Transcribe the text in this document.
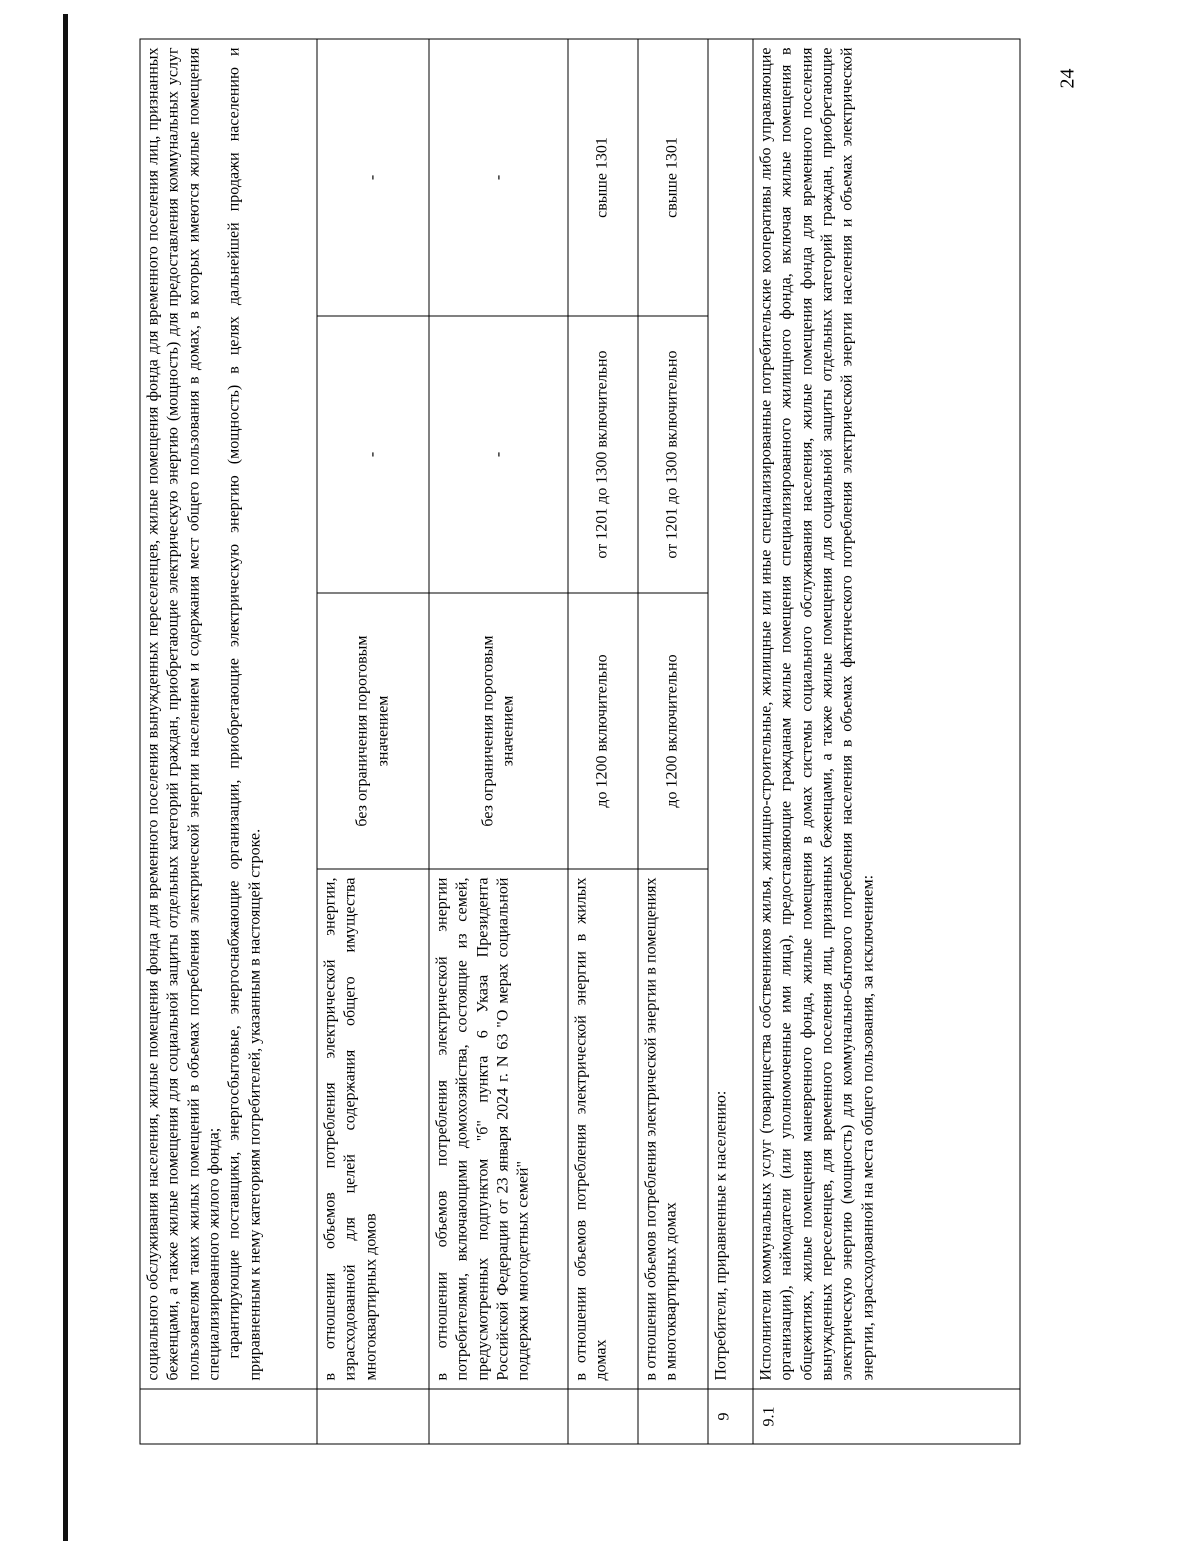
24

	социального обслуживания населения, жилые помещения фонда для временного поселения вынужденных переселенцев, жилые помещения фонда для временного поселения лиц, признанных беженцами, а также жилые помещения для социальной защиты отдельных категорий граждан, приобретающие электрическую энергию (мощность) для предоставления коммунальных услуг пользователям таких жилых помещений в объемах потребления электрической энергии населением и содержания мест общего пользования в домах, в которых имеются жилые помещения специализированного жилого фонда; гарантирующие поставщики, энергосбытовые, энергоснабжающие организации, приобретающие электрическую энергию (мощность) в целях дальнейшей продажи населению и приравненным к нему категориям потребителей, указанным в настоящей строке.			

	в отношении объемов потребления электрической энергии, израсходованной для целей содержания общего имущества многоквартирных домов	без ограничения пороговым значением	-	-
	в отношении объемов потребления электрической энергии потребителями, включающими домохозяйства, состоящие из семей, предусмотренных подпунктом "б" пункта 6 Указа Президента Российской Федерации от 23 января 2024 г. N 63 "О мерах социальной поддержки многодетных семей"	без ограничения пороговым значением	-	-
	в отношении объемов потребления электрической энергии в жилых домах	до 1200 включительно	от 1201 до 1300 включительно	свыше 1301
	в отношении объемов потребления электрической энергии в помещениях в многоквартирных домах	до 1200 включительно	от 1201 до 1300 включительно	свыше 1301
9	Потребители, приравненные к населению:			
9.1	Исполнители коммунальных услуг (товарищества собственников жилья, жилищно-строительные, жилищные или иные специализированные потребительские кооперативы либо управляющие организации), наймодатели (или уполномоченные ими лица), предоставляющие гражданам жилые помещения специализированного жилищного фонда, включая жилые помещения в общежитиях, жилые помещения маневренного фонда, жилые помещения в домах системы социального обслуживания населения, жилые помещения фонда для временного поселения вынужденных переселенцев, для временного поселения лиц, признанных беженцами, а также жилые помещения для социальной защиты отдельных категорий граждан, приобретающие электрическую энергию (мощность) для коммунально-бытового потребления населения в объемах фактического потребления электрической энергии населения и объемах электрической энергии, израсходованной на места общего пользования, за исключением:			
